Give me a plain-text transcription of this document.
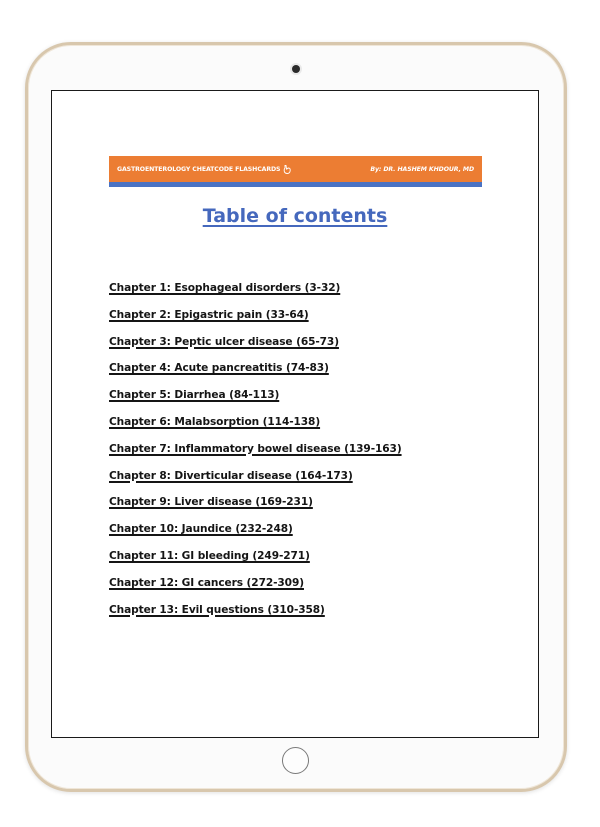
GASTROENTEROLOGY CHEATCODE FLASHCARDS	By: DR. HASHEM KHDOUR, MD
Table of contents
Chapter 1: Esophageal disorders (3-32)
Chapter 2: Epigastric pain (33-64)
Chapter 3: Peptic ulcer disease (65-73)
Chapter 4: Acute pancreatitis (74-83)
Chapter 5: Diarrhea (84-113)
Chapter 6: Malabsorption (114-138)
Chapter 7: Inflammatory bowel disease (139-163)
Chapter 8: Diverticular disease (164-173)
Chapter 9: Liver disease (169-231)
Chapter 10: Jaundice (232-248)
Chapter 11: GI bleeding (249-271)
Chapter 12: GI cancers (272-309)
Chapter 13: Evil questions (310-358)
